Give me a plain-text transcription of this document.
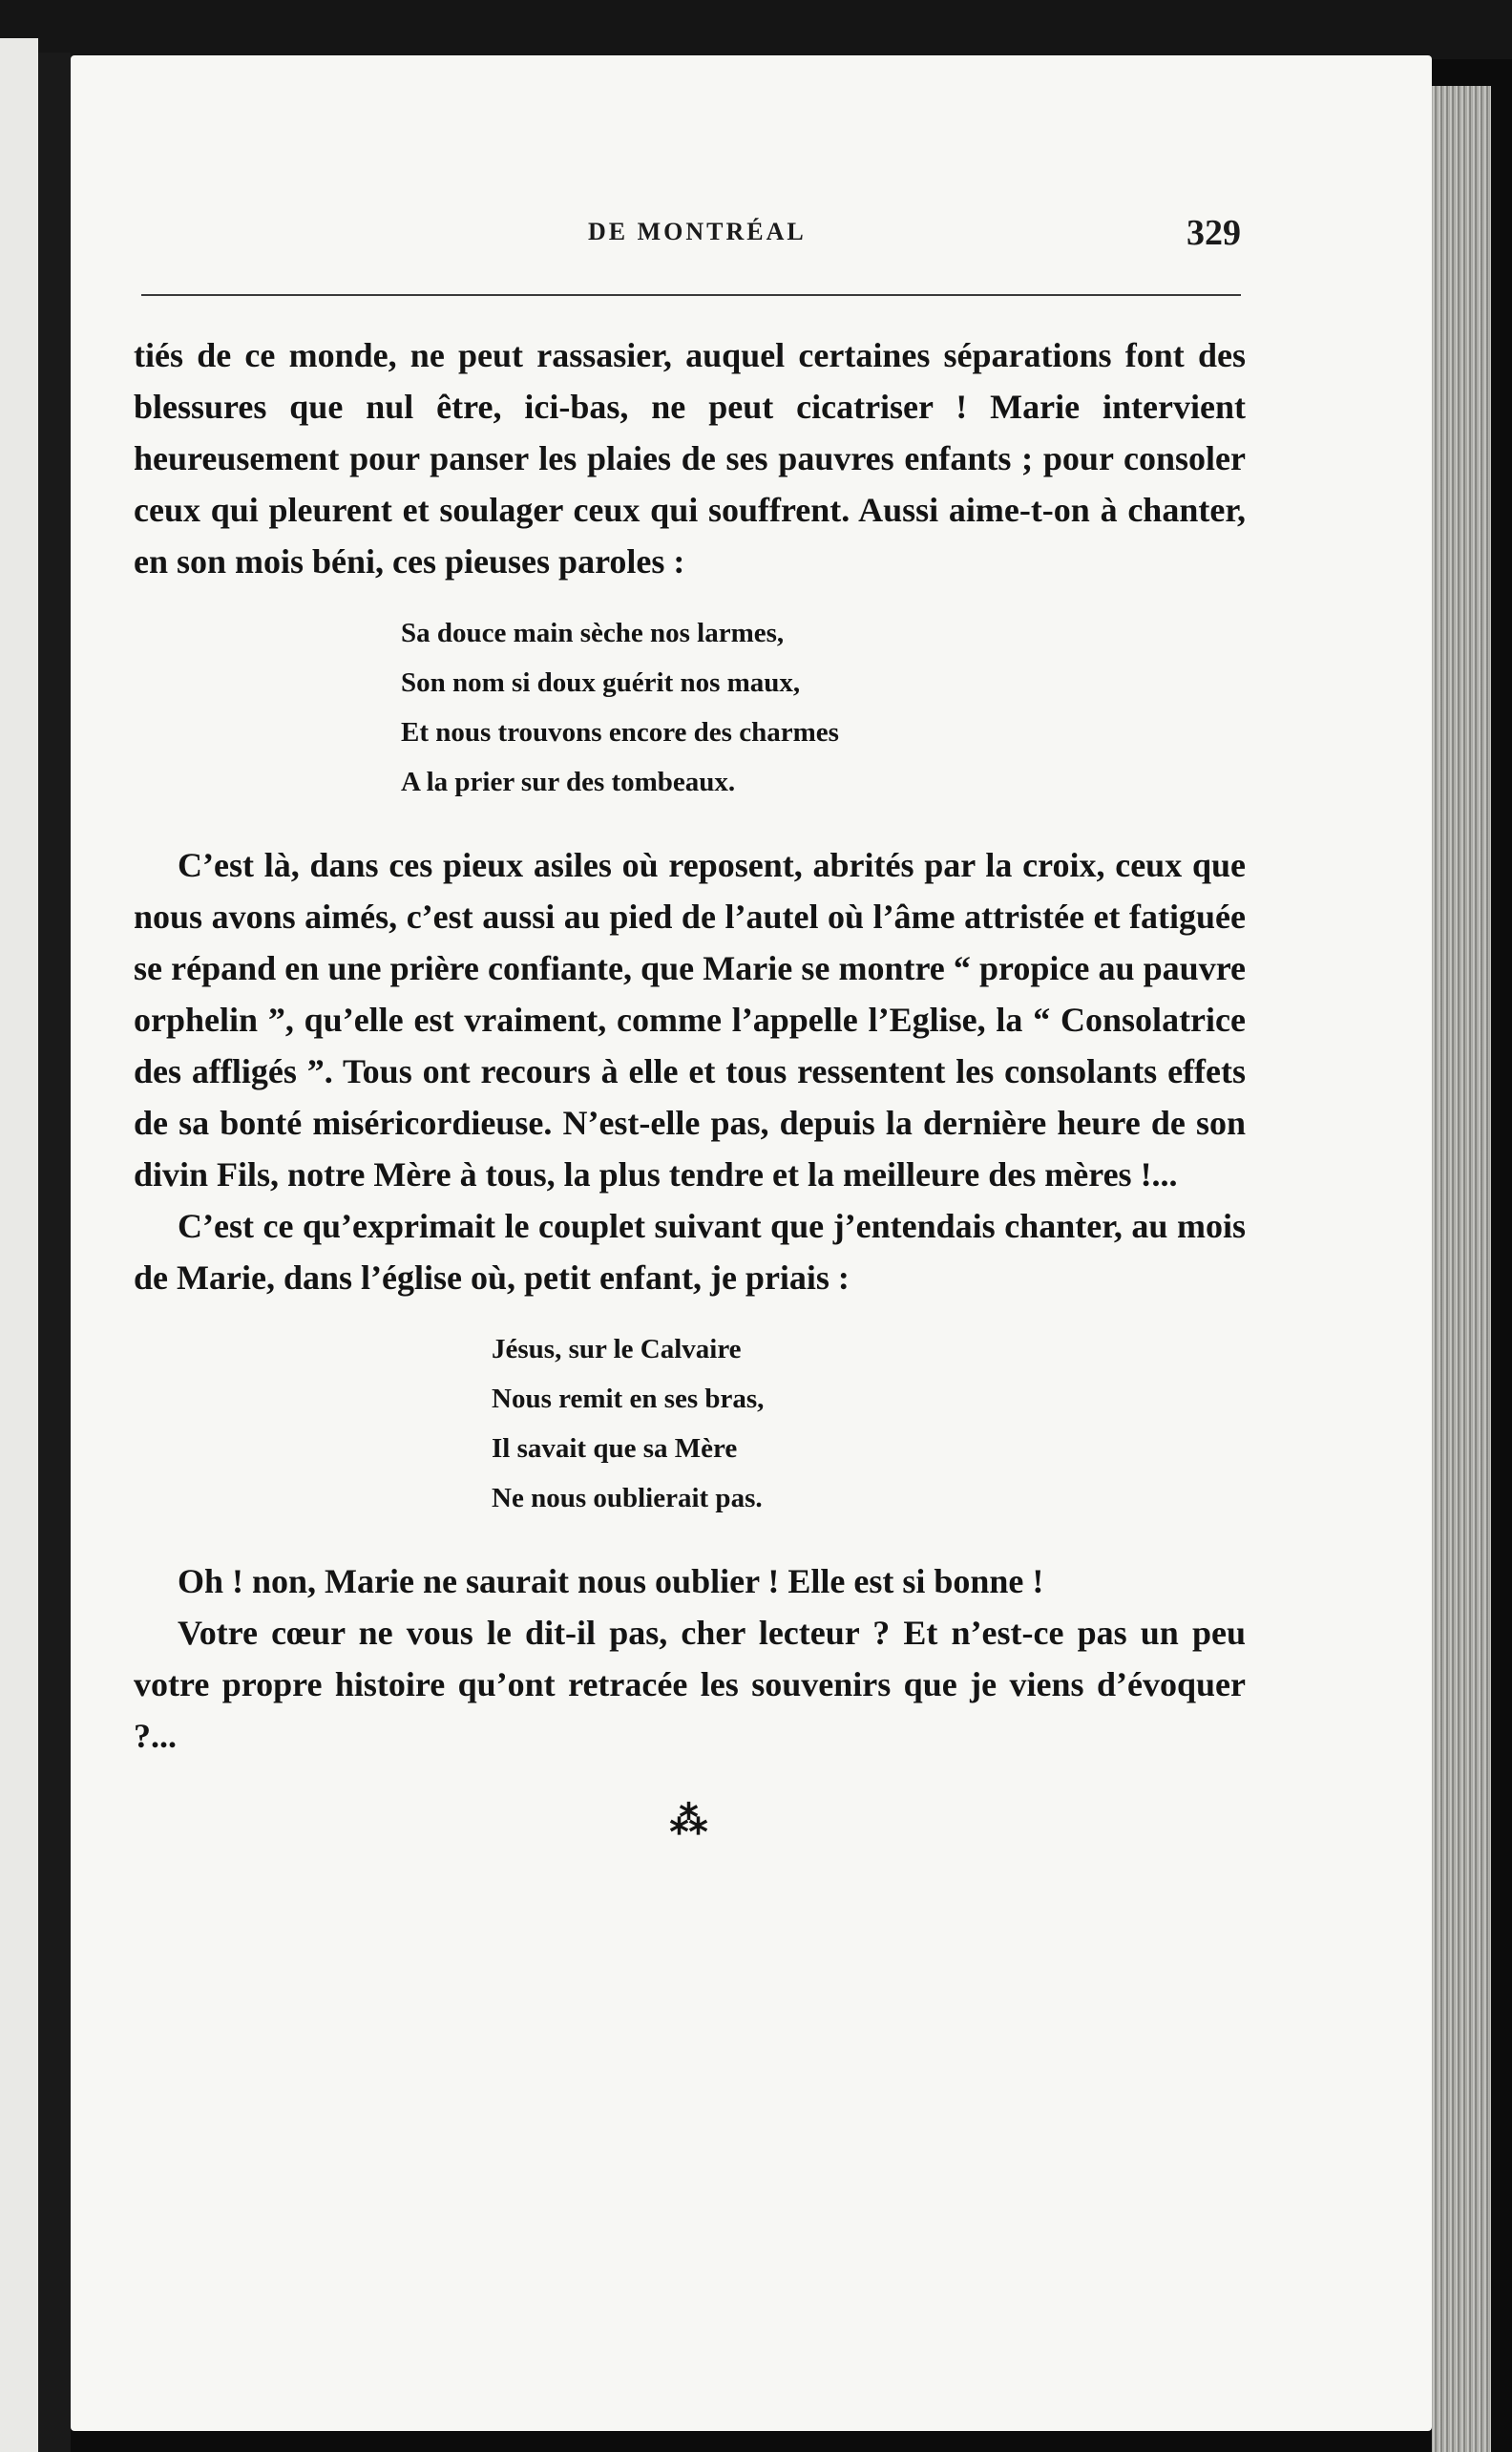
DE MONTRÉAL	329

tiés de ce monde, ne peut rassasier, auquel certaines séparations font des blessures que nul être, ici-bas, ne peut cicatriser ! Marie intervient heureusement pour panser les plaies de ses pauvres enfants ; pour consoler ceux qui pleurent et soulager ceux qui souffrent. Aussi aime-t-on à chanter, en son mois béni, ces pieuses paroles :

Sa douce main sèche nos larmes,
Son nom si doux guérit nos maux,
Et nous trouvons encore des charmes
A la prier sur des tombeaux.

C’est là, dans ces pieux asiles où reposent, abrités par la croix, ceux que nous avons aimés, c’est aussi au pied de l’autel où l’âme attristée et fatiguée se répand en une prière confiante, que Marie se montre “ propice au pauvre orphelin ”, qu’elle est vraiment, comme l’appelle l’Eglise, la “ Consolatrice des affligés ”. Tous ont recours à elle et tous ressentent les consolants effets de sa bonté miséricordieuse. N’est-elle pas, depuis la dernière heure de son divin Fils, notre Mère à tous, la plus tendre et la meilleure des mères !...

C’est ce qu’exprimait le couplet suivant que j’entendais chanter, au mois de Marie, dans l’église où, petit enfant, je priais :

Jésus, sur le Calvaire
Nous remit en ses bras,
Il savait que sa Mère
Ne nous oublierait pas.

Oh ! non, Marie ne saurait nous oublier ! Elle est si bonne !

Votre cœur ne vous le dit-il pas, cher lecteur ? Et n’est-ce pas un peu votre propre histoire qu’ont retracée les souvenirs que je viens d’évoquer ?...

⁂
